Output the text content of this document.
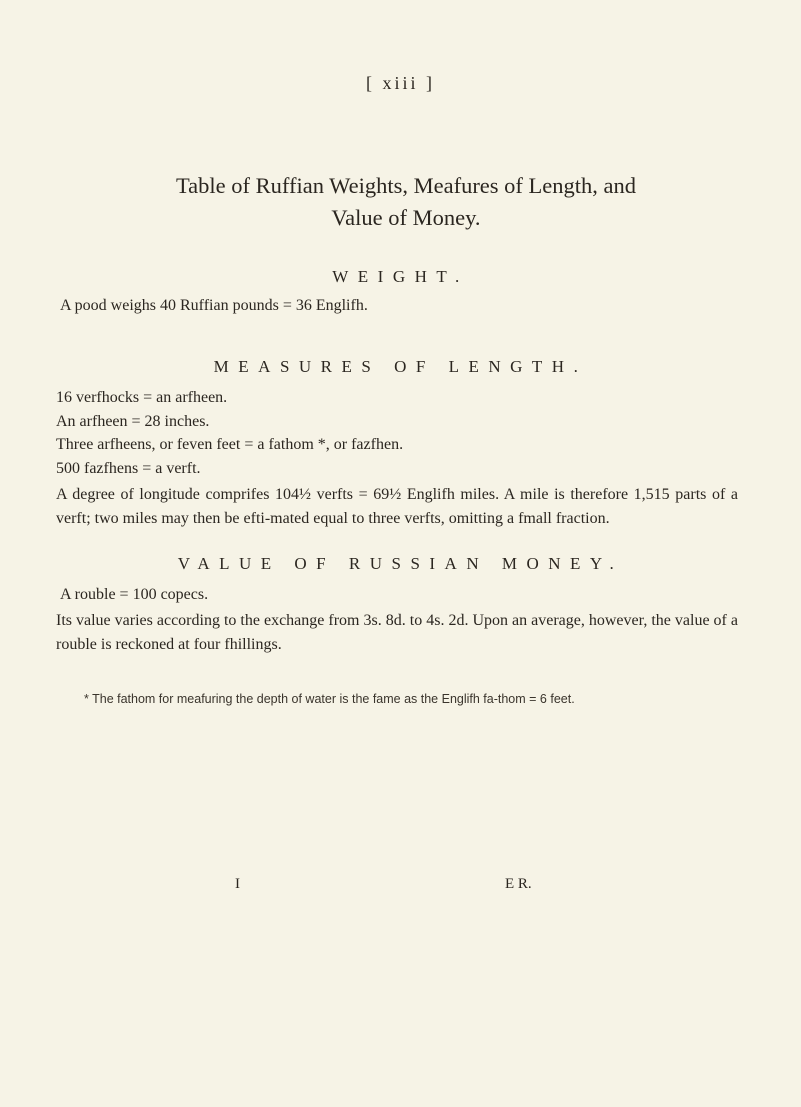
[ xiii ]
Table of Ruffian Weights, Meafures of Length, and
Value of Money.
WEIGHT.
A pood weighs 40 Ruffian pounds = 36 Englifh.
MEASURES OF LENGTH.
16 verfhocks = an arfheen.
An arfheen = 28 inches.
Three arfheens, or feven feet = a fathom *, or fazfhen.
500 fazfhens = a verft.
A degree of longitude comprifes 104½ verfts = 69½ Englifh miles. A mile is therefore 1,515 parts of a verft; two miles may then be efti-mated equal to three verfts, omitting a fmall fraction.
VALUE OF RUSSIAN MONEY.
A rouble = 100 copecs.
Its value varies according to the exchange from 3s. 8d. to 4s. 2d. Upon an average, however, the value of a rouble is reckoned at four fhillings.
* The fathom for meafuring the depth of water is the fame as the Englifh fa-thom = 6 feet.
I	E R.
